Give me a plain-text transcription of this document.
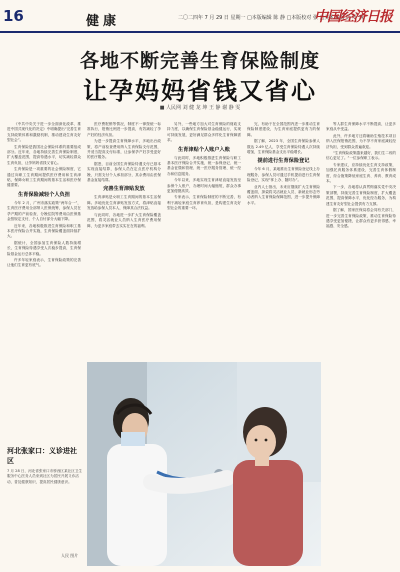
16	健康	二〇二四年 7 月 29 日 星期一 □本版编辑 陈 静 □本版校对 张 □美术编辑 彭 叶 珠
中国经济日报
各地不断完善生育保险制度
让孕妈妈省钱又省心
■ 人民网 刘 健 龙 坤 王 静 谢 静 雯

《中共中央关于进一步全面深化改革、推进中国式现代化的决定》中明确提出“完善生育支持政策体系和激励机制，推动建设生育友好型社会”。

生育保险是我国社会保险体系的重要组成部分。近年来，各地持续完善生育保险制度，扩大覆盖范围，提高待遇水平，切实减轻群众生育负担，让孕妈妈省钱又省心。

生育保险是一项重要的社会保险制度，它通过向职工生育期间提供医疗费用和生育津贴，保障女职工生育期间的基本生活和医疗保健需要。

生育保险减轻个人负担

今年 2 月，广州市落实政策“两年合一”，生育医疗费用全部纳入医保统筹，参保人员在孕产期的产前检查、分娩住院等费用由医保基金按规定支付，个人自付部分大幅下降。

近年来，各地积极推进生育保险和职工基本医疗保险合并实施，生育保险覆盖面持续扩大。

据统计，全国参加生育保险人数持续增长，生育保险待遇享受人次稳步提高，生育保险基金运行总体平稳。

许多年轻家庭表示，生育保险政策的完善让他们生育更有底气。

医疗费报销等情况，制度不一律按统一标准执行，报销比例进一步提高，有效减轻了孕产妇的经济负担。

为进一步提高生育保障水平，多地出台政策，将产前检查费用纳入生育保险支付范围，并适当提高支付标准，让参保孕产妇享受更好的医疗服务。

据悉，目前全国生育保险待遇支付已基本实现直接结算，参保人员在定点医疗机构分娩，只需支付个人承担部分，其余费用由医保基金直接结算。

完善生育津贴发放

生育津贴是女职工生育期间的基本生活保障。多地优化生育津贴发放方式，将津贴直接发放给参保人员本人，保障其合法权益。

与此同时，各地进一步扩大生育保险覆盖范围，将灵活就业人员纳入生育医疗费用保障，为更多家庭带去实实在在的福利。

另外，一些地方加大对生育保险的财政支持力度，以确保生育保险基金稳健运行，实现可持续发展，更好满足群众多样化生育保障需求。

生育津贴个人账户入账

与此同时，多地积极推进生育保险与职工基本医疗保险合并实施，统一参保登记、统一基金征缴和管理、统一医疗服务管理、统一经办和信息服务。

今年以来，多地实现生育津贴直接发放至参保个人账户，办理时间大幅缩短，群众办事更加便捷高效。

专家表示，生育保险制度的不断完善，有利于减轻家庭生育养育负担，是构建生育友好型社会的重要一环。

完，有助于在全国范围内进一步推动生育保险制度建设，为生育家庭提供更有力的保障。

据了解，2023 年，全国生育保险参保人数达 2.49 亿人，享受生育保险待遇人次持续增加，生育保险基金支出平稳增长。

提前进行生育保险登记

今年 6 月，某地推出生育保险登记线上办理服务，参保人员可通过手机提前进行生育保险登记，实现“掌上办、随时办”。

业内人士指出，未来应继续扩大生育保险覆盖面，探索将灵活就业人员、新就业形态劳动者纳入生育保险保障范围，进一步提升保障水平。

等人群生育保障水平不断提高，让更多家庭从中受益。

此外，许多地方还将辅助生殖技术项目纳入医保报销范围，为不孕不育家庭减轻经济负担，受到群众普遍欢迎。

“生育保险政策越来越好，我们生二孩的信心更足了。”一位参保职工表示。

专家建议，应持续优化生育支持政策，加强托育服务体系建设，完善生育休假制度，综合施策降低家庭生育、养育、教育成本。

下一步，各地将认真贯彻落实党中央决策部署，持续完善生育保险制度，扩大覆盖范围，提高保障水平，优化经办服务，为构建生育友好型社会提供有力支撑。

据了解，国家医保局将会同有关部门，进一步完善生育保险政策，推动生育保险待遇享受更加便捷，让群众有更多获得感、幸福感、安全感。

人民 图片
河北张家口：义诊进社区
7 月 28 日，河北省张家口市桥西区某社区卫生服务中心医务人员来到社区为居民开展义诊活动，普及健康知识，提高居民健康意识。
